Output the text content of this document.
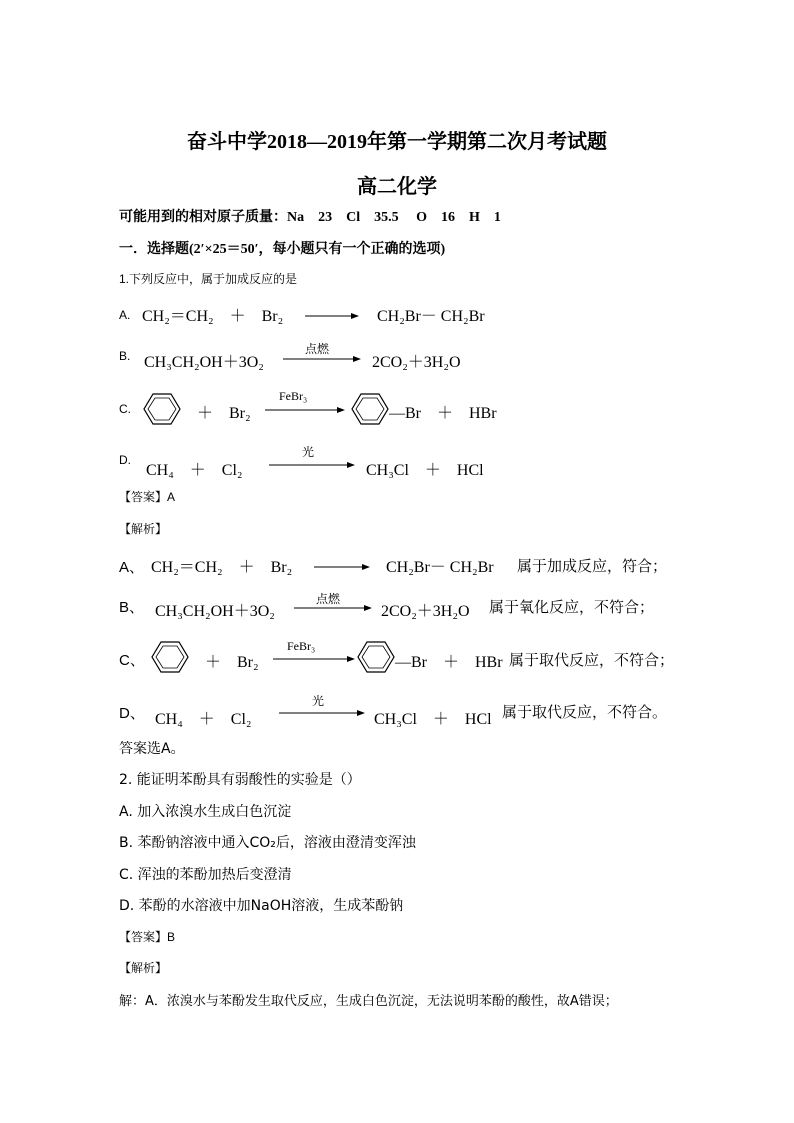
奋斗中学2018—2019年第一学期第二次月考试题
高二化学
可能用到的相对原子质量：Na　23　Cl　35.5　 O　16　H　1
一．选择题(2′×25＝50′，每小题只有一个正确的选项)
1.下列反应中，属于加成反应的是
A. CH₂＝CH₂　＋　Br₂ → CH₂Br－ CH₂Br
B. CH₃CH₂OH＋3O₂
点燃
2CO₂＋3H₂O
C.	＋　Br₂
FeBr₃
—Br　＋　HBr
D.
CH₄　＋　Cl₂
光
CH₃Cl　＋　HCl
【答案】A
【解析】
A、 CH₂＝CH₂　＋　Br₂ → CH₂Br－ CH₂Br 属于加成反应，符合；
B、 CH₃CH₂OH＋3O₂
点燃
2CO₂＋3H₂O 属于氧化反应，不符合；
C、	＋　Br₂
FeBr₃
—Br　＋　HBr 属于取代反应，不符合；
D、 CH₄　＋　Cl₂
光
CH₃Cl　＋　HCl 属于取代反应，不符合。
答案选A。
2. 能证明苯酚具有弱酸性的实验是（）
A. 加入浓溴水生成白色沉淀
B. 苯酚钠溶液中通入CO₂后，溶液由澄清变浑浊
C. 浑浊的苯酚加热后变澄清
D. 苯酚的水溶液中加NaOH溶液，生成苯酚钠
【答案】B
【解析】
解：A．浓溴水与苯酚发生取代反应，生成白色沉淀，无法说明苯酚的酸性，故A错误；
